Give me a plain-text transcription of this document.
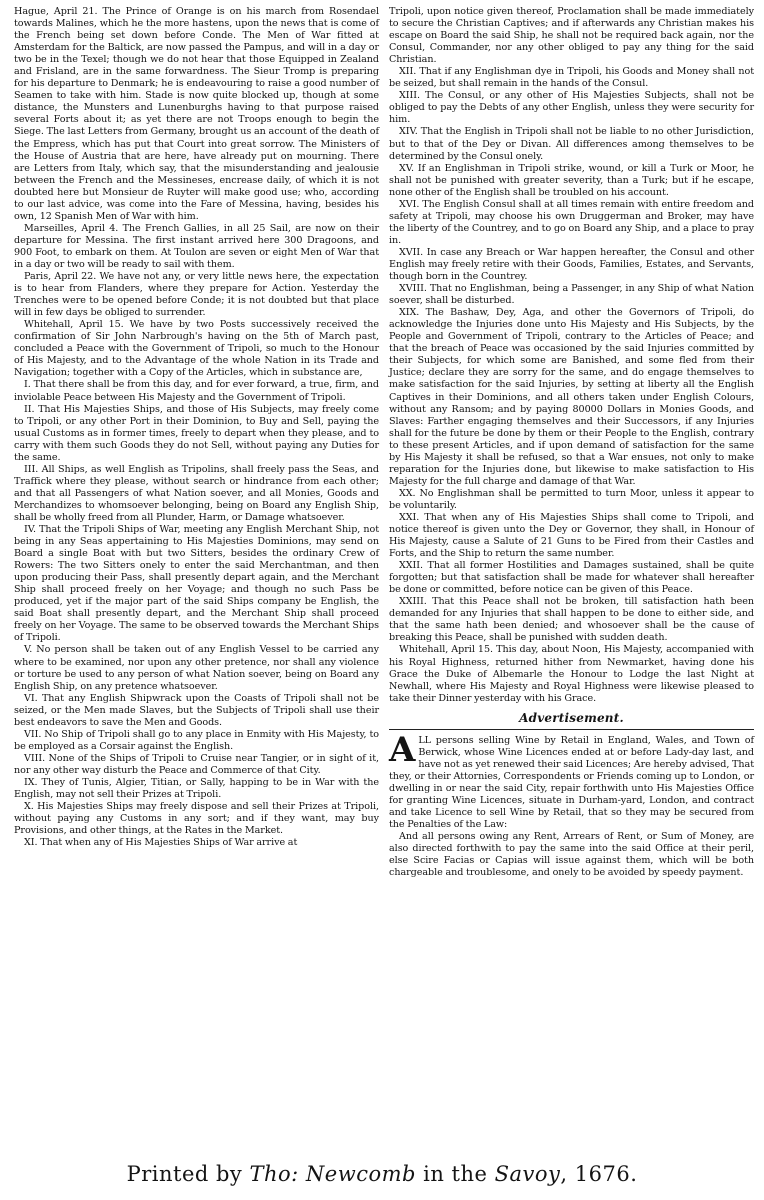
Hague, April 21. The Prince of Orange is on his march from Rosendael towards Malines, which he the more hastens, upon the news that is come of the French being set down before Conde. The Men of War fitted at Amsterdam for the Baltick, are now passed the Pampus, and will in a day or two be in the Texel; though we do not hear that those Equipped in Zealand and Frisland, are in the same forwardness. The Sieur Tromp is preparing for his departure to Denmark; he is endeavouring to raise a good number of Seamen to take with him. Stade is now quite blocked up, though at some distance, the Munsters and Lunenburghs having to that purpose raised several Forts about it; as yet there are not Troops enough to begin the Siege. The last Letters from Germany, brought us an account of the death of the Empress, which has put that Court into great sorrow. The Ministers of the House of Austria that are here, have already put on mourning. There are Letters from Italy, which say, that the misunderstanding and jealousie between the French and the Messineses, encrease daily, of which it is not doubted here but Monsieur de Ruyter will make good use; who, according to our last advice, was come into the Fare of Messina, having, besides his own, 12 Spanish Men of War with him.

Marseilles, April 4. The French Gallies, in all 25 Sail, are now on their departure for Messina. The first instant arrived here 300 Dragoons, and 900 Foot, to embark on them. At Toulon are seven or eight Men of War that in a day or two will be ready to sail with them.

Paris, April 22. We have not any, or very little news here, the expectation is to hear from Flanders, where they prepare for Action. Yesterday the Trenches were to be opened before Conde; it is not doubted but that place will in few days be obliged to surrender.

Whitehall, April 15. We have by two Posts successively received the confirmation of Sir John Narbrough's having on the 5th of March past, concluded a Peace with the Government of Tripoli, so much to the Honour of His Majesty, and to the Advantage of the whole Nation in its Trade and Navigation; together with a Copy of the Articles, which in substance are,

I. That there shall be from this day, and for ever forward, a true, firm, and inviolable Peace between His Majesty and the Government of Tripoli.

II. That His Majesties Ships, and those of His Subjects, may freely come to Tripoli, or any other Port in their Dominion, to Buy and Sell, paying the usual Customs as in former times, freely to depart when they please, and to carry with them such Goods they do not Sell, without paying any Duties for the same.

III. All Ships, as well English as Tripolins, shall freely pass the Seas, and Traffick where they please, without search or hindrance from each other; and that all Passengers of what Nation soever, and all Monies, Goods and Merchandizes to whomsoever belonging, being on Board any English Ship, shall be wholly freed from all Plunder, Harm, or Damage whatsoever.

IV. That the Tripoli Ships of War, meeting any English Merchant Ship, not being in any Seas appertaining to His Majesties Dominions, may send on Board a single Boat with but two Sitters, besides the ordinary Crew of Rowers: The two Sitters onely to enter the said Merchantman, and then upon producing their Pass, shall presently depart again, and the Merchant Ship shall proceed freely on her Voyage; and though no such Pass be produced, yet if the major part of the said Ships company be English, the said Boat shall presently depart, and the Merchant Ship shall proceed freely on her Voyage. The same to be observed towards the Merchant Ships of Tripoli.

V. No person shall be taken out of any English Vessel to be carried any where to be examined, nor upon any other pretence, nor shall any violence or torture be used to any person of what Nation soever, being on Board any English Ship, on any pretence whatsoever.

VI. That any English Shipwrack upon the Coasts of Tripoli shall not be seized, or the Men made Slaves, but the Subjects of Tripoli shall use their best endeavors to save the Men and Goods.

VII. No Ship of Tripoli shall go to any place in Enmity with His Majesty, to be employed as a Corsair against the English.

VIII. None of the Ships of Tripoli to Cruise near Tangier, or in sight of it, nor any other way disturb the Peace and Commerce of that City.

IX. They of Tunis, Algier, Titian, or Sally, happing to be in War with the English, may not sell their Prizes at Tripoli.

X. His Majesties Ships may freely dispose and sell their Prizes at Tripoli, without paying any Customs in any sort; and if they want, may buy Provisions, and other things, at the Rates in the Market.

XI. That when any of His Majesties Ships of War arrive at

Tripoli, upon notice given thereof, Proclamation shall be made immediately to secure the Christian Captives; and if afterwards any Christian makes his escape on Board the said Ship, he shall not be required back again, nor the Consul, Commander, nor any other obliged to pay any thing for the said Christian.

XII. That if any Englishman dye in Tripoli, his Goods and Money shall not be seized, but shall remain in the hands of the Consul.

XIII. The Consul, or any other of His Majesties Subjects, shall not be obliged to pay the Debts of any other English, unless they were security for him.

XIV. That the English in Tripoli shall not be liable to no other Jurisdiction, but to that of the Dey or Divan. All differences among themselves to be determined by the Consul onely.

XV. If an Englishman in Tripoli strike, wound, or kill a Turk or Moor, he shall not be punished with greater severity, than a Turk; but if he escape, none other of the English shall be troubled on his account.

XVI. The English Consul shall at all times remain with entire freedom and safety at Tripoli, may choose his own Druggerman and Broker, may have the liberty of the Countrey, and to go on Board any Ship, and a place to pray in.

XVII. In case any Breach or War happen hereafter, the Consul and other English may freely retire with their Goods, Families, Estates, and Servants, though born in the Countrey.

XVIII. That no Englishman, being a Passenger, in any Ship of what Nation soever, shall be disturbed.

XIX. The Bashaw, Dey, Aga, and other the Governors of Tripoli, do acknowledge the Injuries done unto His Majesty and His Subjects, by the People and Government of Tripoli, contrary to the Articles of Peace; and that the breach of Peace was occasioned by the said Injuries committed by their Subjects, for which some are Banished, and some fled from their Justice; declare they are sorry for the same, and do engage themselves to make satisfaction for the said Injuries, by setting at liberty all the English Captives in their Dominions, and all others taken under English Colours, without any Ransom; and by paying 80000 Dollars in Monies Goods, and Slaves: Farther engaging themselves and their Successors, if any Injuries shall for the future be done by them or their People to the English, contrary to these present Articles, and if upon demand of satisfaction for the same by His Majesty it shall be refused, so that a War ensues, not only to make reparation for the Injuries done, but likewise to make satisfaction to His Majesty for the full charge and damage of that War.

XX. No Englishman shall be permitted to turn Moor, unless it appear to be voluntarily.

XXI. That when any of His Majesties Ships shall come to Tripoli, and notice thereof is given unto the Dey or Governor, they shall, in Honour of His Majesty, cause a Salute of 21 Guns to be Fired from their Castles and Forts, and the Ship to return the same number.

XXII. That all former Hostilities and Damages sustained, shall be quite forgotten; but that satisfaction shall be made for whatever shall hereafter be done or committed, before notice can be given of this Peace.

XXIII. That this Peace shall not be broken, till satisfaction hath been demanded for any Injuries that shall happen to be done to either side, and that the same hath been denied; and whosoever shall be the cause of breaking this Peace, shall be punished with sudden death.

Whitehall, April 15. This day, about Noon, His Majesty, accompanied with his Royal Highness, returned hither from Newmarket, having done his Grace the Duke of Albemarle the Honour to Lodge the last Night at Newhall, where His Majesty and Royal Highness were likewise pleased to take their Dinner yesterday with his Grace.

Advertisement.

ALL persons selling Wine by Retail in England, Wales, and Town of Berwick, whose Wine Licences ended at or before Lady-day last, and have not as yet renewed their said Licences; Are hereby advised, That they, or their Attornies, Correspondents or Friends coming up to London, or dwelling in or near the said City, repair forthwith unto His Majesties Office for granting Wine Licences, situate in Durham-yard, London, and contract and take Licence to sell Wine by Retail, that so they may be secured from the Penalties of the Law:

And all persons owing any Rent, Arrears of Rent, or Sum of Money, are also directed forthwith to pay the same into the said Office at their peril, else Scire Facias or Capias will issue against them, which will be both chargeable and troublesome, and onely to be avoided by speedy payment.

Printed by Tho: Newcomb in the Savoy, 1676.
